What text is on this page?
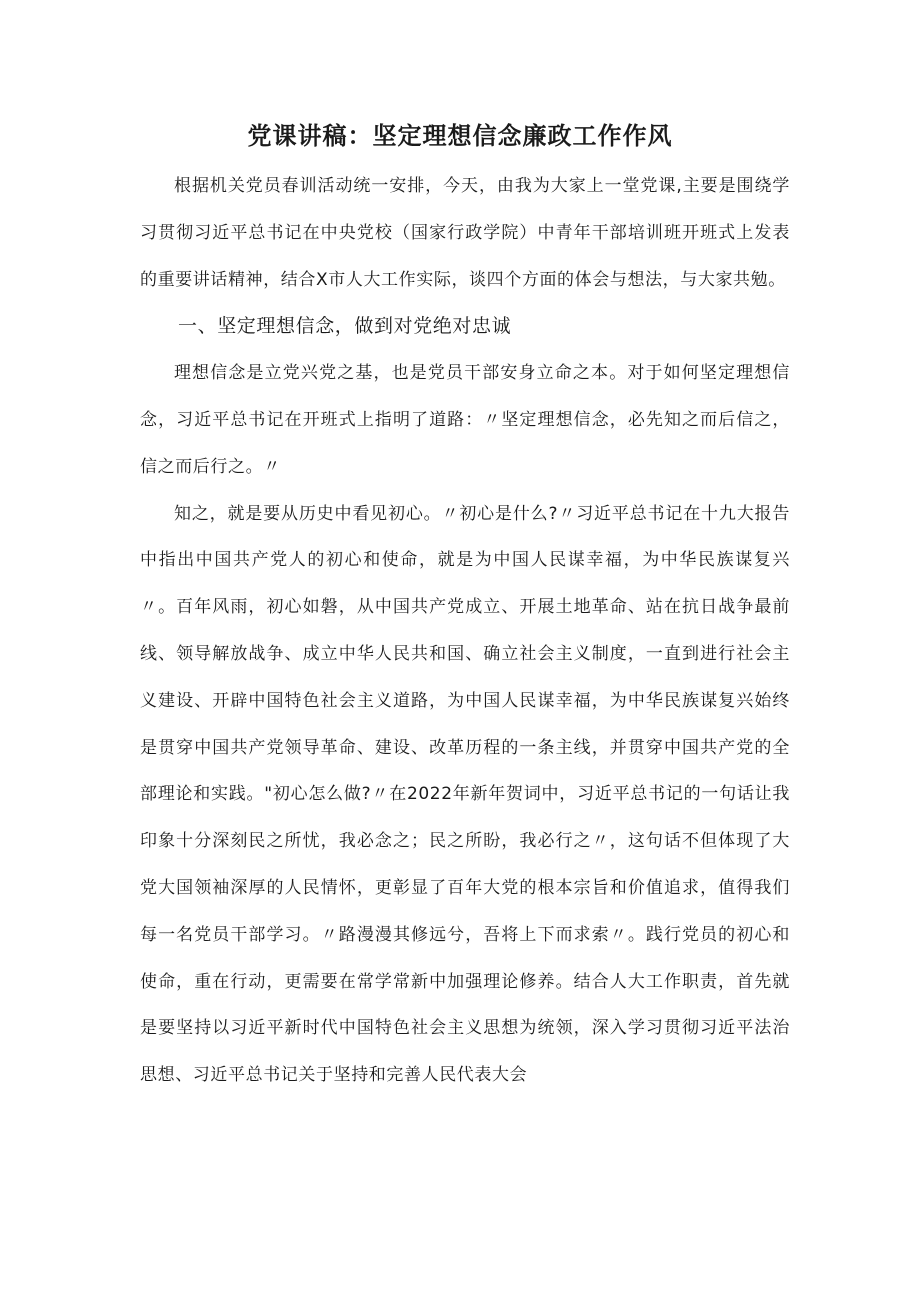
党课讲稿：坚定理想信念廉政工作作风

根据机关党员春训活动统一安排，今天，由我为大家上一堂党课,主要是围绕学习贯彻习近平总书记在中央党校（国家行政学院）中青年干部培训班开班式上发表的重要讲话精神，结合X市人大工作实际，谈四个方面的体会与想法，与大家共勉。

一、坚定理想信念，做到对党绝对忠诚

理想信念是立党兴党之基，也是党员干部安身立命之本。对于如何坚定理想信念，习近平总书记在开班式上指明了道路：〃坚定理想信念，必先知之而后信之，信之而后行之。〃

知之，就是要从历史中看见初心。〃初心是什么?〃习近平总书记在十九大报告中指出中国共产党人的初心和使命，就是为中国人民谋幸福，为中华民族谋复兴〃。百年风雨，初心如磐，从中国共产党成立、开展土地革命、站在抗日战争最前线、领导解放战争、成立中华人民共和国、确立社会主义制度，一直到进行社会主义建设、开辟中国特色社会主义道路，为中国人民谋幸福，为中华民族谋复兴始终是贯穿中国共产党领导革命、建设、改革历程的一条主线，并贯穿中国共产党的全部理论和实践。"初心怎么做?〃在2022年新年贺词中，习近平总书记的一句话让我印象十分深刻民之所忧，我必念之；民之所盼，我必行之〃，这句话不但体现了大党大国领袖深厚的人民情怀，更彰显了百年大党的根本宗旨和价值追求，值得我们每一名党员干部学习。〃路漫漫其修远兮，吾将上下而求索〃。践行党员的初心和使命，重在行动，更需要在常学常新中加强理论修养。结合人大工作职责，首先就是要坚持以习近平新时代中国特色社会主义思想为统领，深入学习贯彻习近平法治思想、习近平总书记关于坚持和完善人民代表大会
